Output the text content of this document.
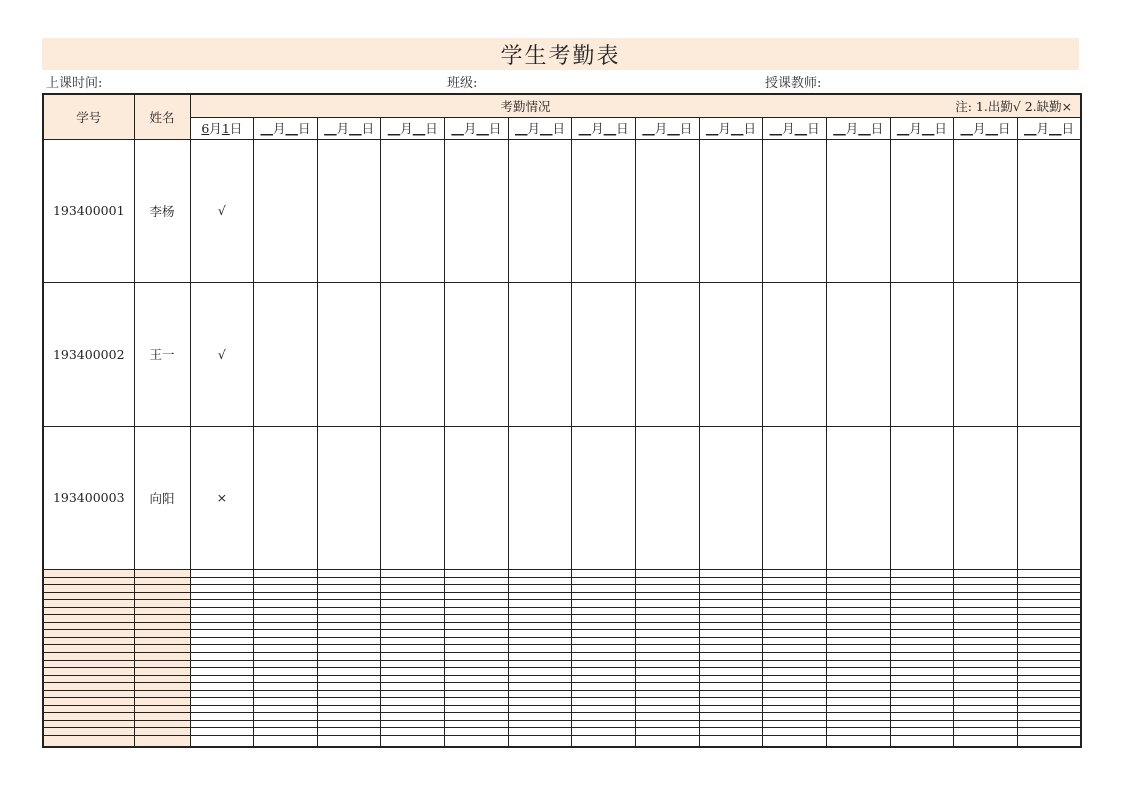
学生考勤表
上课时间:	班级:	授课教师:
学号	姓名	考勤情况 注: 1.出勤√ 2.缺勤×													

		6月1日	__月__日	__月__日	__月__日	__月__日	__月__日	__月__日	__月__日	__月__日	__月__日	__月__日	__月__日	__月__日	__月__日
193400001	李杨	√													
193400002	王一	√													
193400003	向阳	×													
